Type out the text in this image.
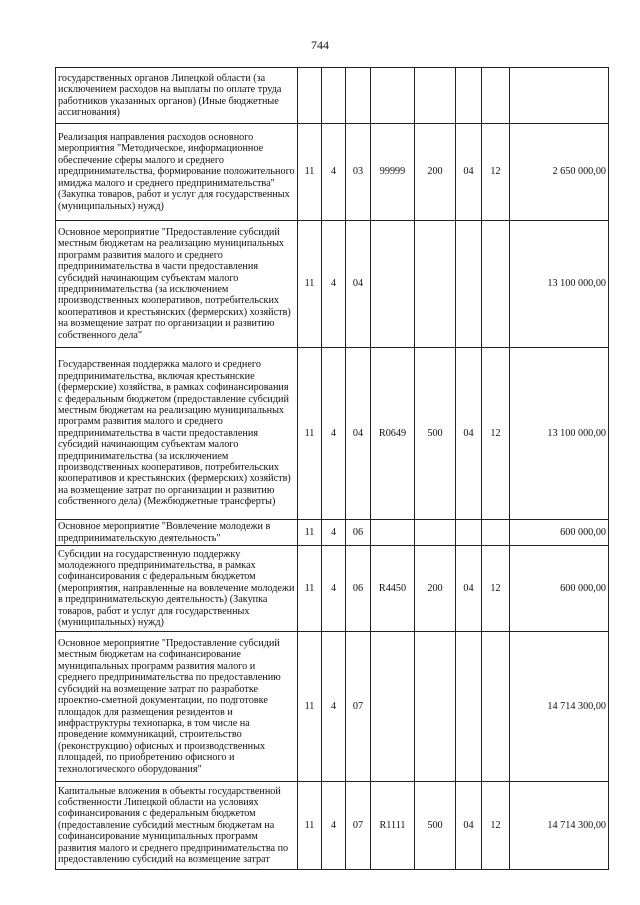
744
государственных органов Липецкой области (за исключением расходов на выплаты по оплате труда работников указанных органов) (Иные бюджетные ассигнования)								
Реализация направления расходов основного мероприятия "Методическое, информационное обеспечение сферы малого и среднего предпринимательства, формирование положительного имиджа малого и среднего предпринимательства" (Закупка товаров, работ и услуг для государственных (муниципальных) нужд)	11	4	03	99999	200	04	12	2 650 000,00
Основное мероприятие "Предоставление субсидий местным бюджетам на реализацию муниципальных программ развития малого и среднего предпринимательства в части предоставления субсидий начинающим субъектам малого предпринимательства (за исключением производственных кооперативов, потребительских кооперативов и крестьянских (фермерских) хозяйств) на возмещение затрат по организации и развитию собственного дела"	11	4	04					13 100 000,00
Государственная поддержка малого и среднего предпринимательства, включая крестьянские (фермерские) хозяйства, в рамках софинансирования с федеральным бюджетом (предоставление субсидий местным бюджетам на реализацию муниципальных программ развития малого и среднего предпринимательства в части предоставления субсидий начинающим субъектам малого предпринимательства (за исключением производственных кооперативов, потребительских кооперативов и крестьянских (фермерских) хозяйств) на возмещение затрат по организации и развитию собственного дела) (Межбюджетные трансферты)	11	4	04	R0649	500	04	12	13 100 000,00
Основное мероприятие "Вовлечение молодежи в предпринимательскую деятельность"	11	4	06					600 000,00
Субсидии на государственную поддержку молодежного предпринимательства, в рамках софинансирования с федеральным бюджетом (мероприятия, направленные на вовлечение молодежи в предпринимательскую деятельность) (Закупка товаров, работ и услуг для государственных (муниципальных) нужд)	11	4	06	R4450	200	04	12	600 000,00
Основное мероприятие "Предоставление субсидий местным бюджетам на софинансирование муниципальных программ развития малого и среднего предпринимательства по предоставлению субсидий на возмещение затрат по разработке проектно-сметной документации, по подготовке площадок для размещения резидентов и инфраструктуры технопарка, в том числе на проведение коммуникаций, строительство (реконструкцию) офисных и производственных площадей, по приобретению офисного и технологического оборудования"	11	4	07					14 714 300,00
Капитальные вложения в объекты государственной собственности Липецкой области на условиях софинансирования с федеральным бюджетом (предоставление субсидий местным бюджетам на софинансирование муниципальных программ развития малого и среднего предпринимательства по предоставлению субсидий на возмещение затрат	11	4	07	R1111	500	04	12	14 714 300,00
